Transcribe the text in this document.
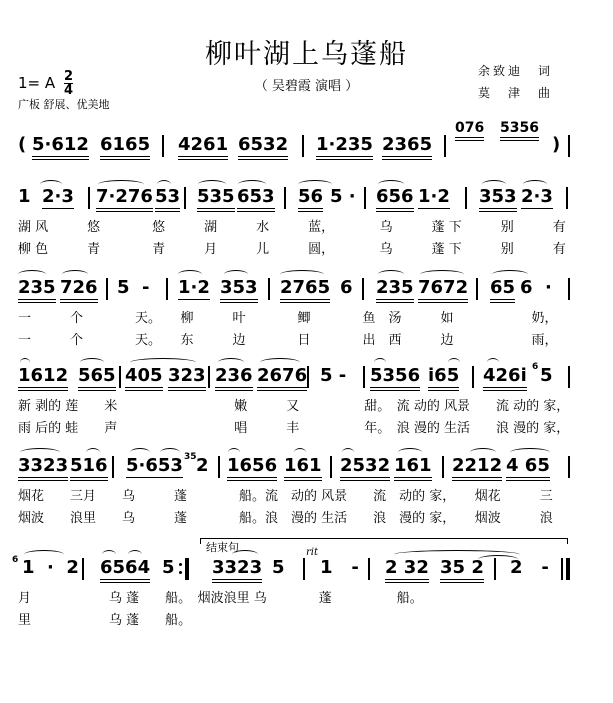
柳叶湖上乌蓬船
（ 吴碧霞 演唱 ）
1= A $\frac{2}{4}$
广板 舒展、优美地
余致迪　词
莫　津　曲
( 5·612 6165 4261 6532 1·235 2365
076 5356
)
1 2·3 7·276 53 535 653 56 5 · 656 1·2 353 2·3
湖 风　　　悠　　　　悠　　　湖　　　水　　　蓝，　　　　乌　　　蓬 下　　　别　　　有
柳 色　　　青　　　　青　　　月　　　儿　　　圆，　　　　乌　　　蓬 下　　　别　　　有
235 726 5  - 1·2 353 2765 6 235 7672 65 6  ·
一　　　个　　　　天。　　柳　　　叶　　　　鲫　　　　鱼　汤　　　如　　　　　　奶，
一　　　个　　　　天。　　东　　　边　　　　日　　　　出　西　　　边　　　　　　雨，
1612 565 405 323 236 2676 5 - 5356 i65 426i 5
新 剥的 莲　　米　　　　　　　　　嫩　　　又　　　　　甜。　流 动的 风景　　流 动的 家，
雨 后的 蛙　　声　　　　　　　　　唱　　　丰　　　　　年。　浪 漫的 生活　　浪 漫的 家，
3323 516 5·653 2 1656 161 2532 161 2212 4 65
烟花　　三月　　乌　　　蓬　　　　船。流　动的 风景　　流　动的 家，　　烟花　　　三
烟波　　浪里　　乌　　　蓬　　　　船。浪　漫的 生活　　浪　漫的 家，　　烟波　　　浪
1  ·  2 6564 5 3323 5 1   - 2 32 35 2 2   -
月　　　　　　乌 蓬　　船。　烟波浪里 乌　　　　蓬　　　　　船。
里　　　　　　乌 蓬　　船。
结束句	rit
35
6
6
